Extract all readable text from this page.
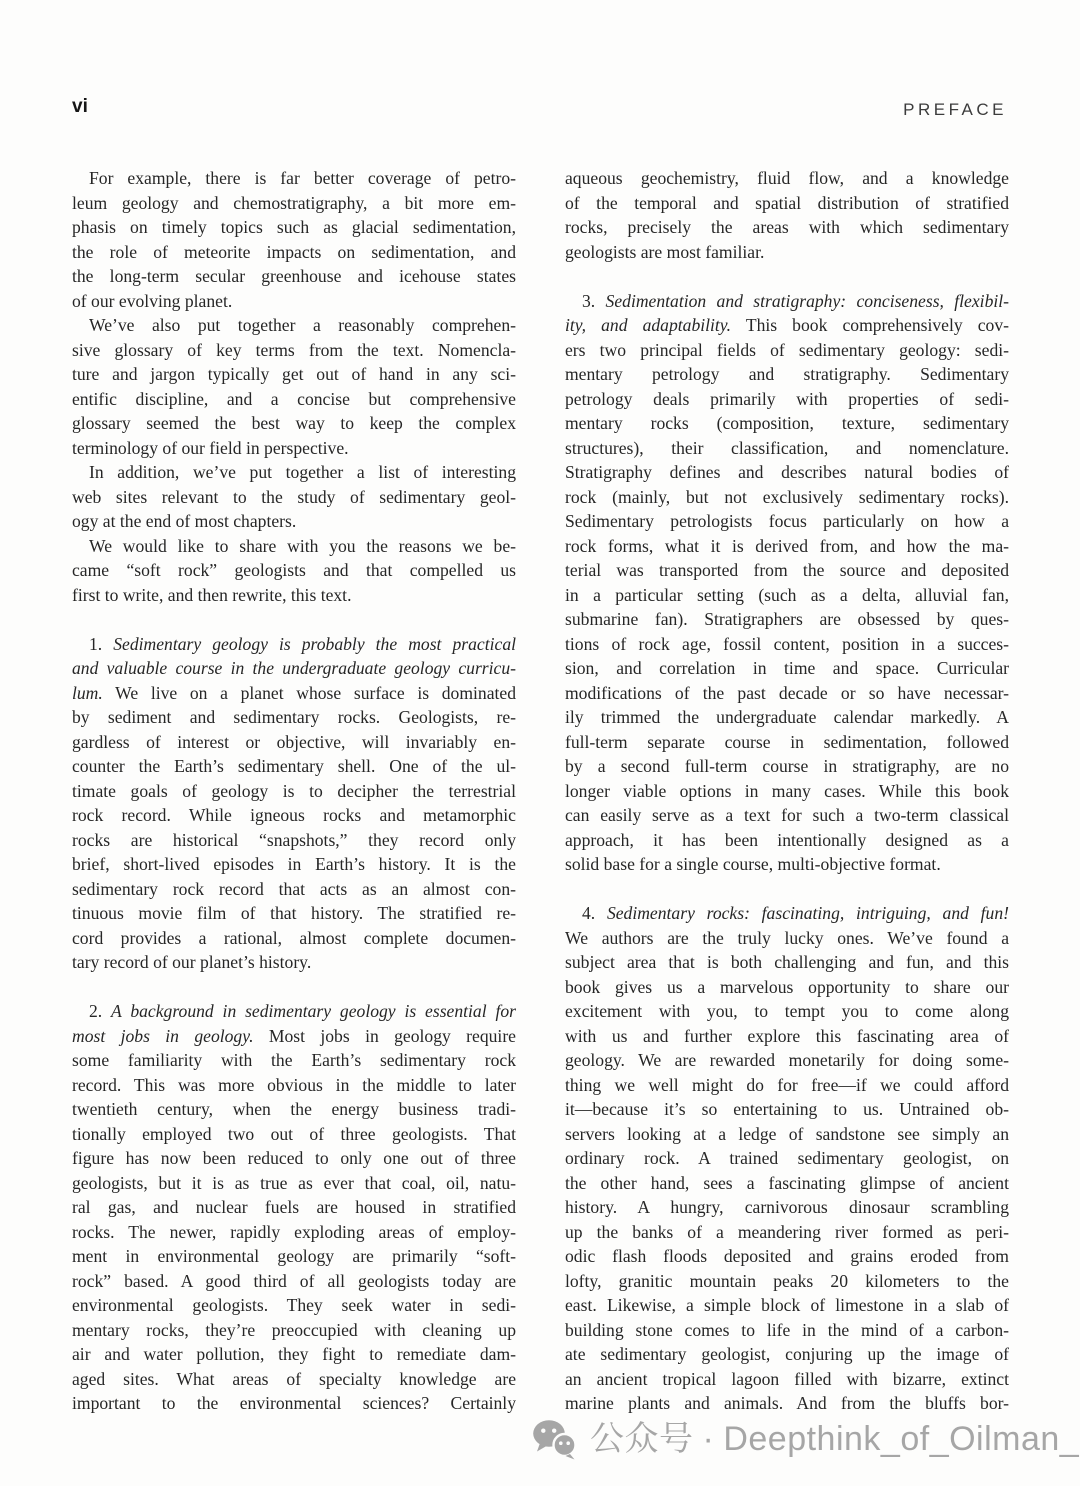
vi	PREFACE
For example, there is far better coverage of petro-
leum geology and chemostratigraphy, a bit more em-
phasis on timely topics such as glacial sedimentation,
the role of meteorite impacts on sedimentation, and
the long-term secular greenhouse and icehouse states
of our evolving planet.
We’ve also put together a reasonably comprehen-
sive glossary of key terms from the text. Nomencla-
ture and jargon typically get out of hand in any sci-
entific discipline, and a concise but comprehensive
glossary seemed the best way to keep the complex
terminology of our field in perspective.
In addition, we’ve put together a list of interesting
web sites relevant to the study of sedimentary geol-
ogy at the end of most chapters.
We would like to share with you the reasons we be-
came “soft rock” geologists and that compelled us
first to write, and then rewrite, this text.
1. Sedimentary geology is probably the most practical
and valuable course in the undergraduate geology curricu-
lum. We live on a planet whose surface is dominated
by sediment and sedimentary rocks. Geologists, re-
gardless of interest or objective, will invariably en-
counter the Earth’s sedimentary shell. One of the ul-
timate goals of geology is to decipher the terrestrial
rock record. While igneous rocks and metamorphic
rocks are historical “snapshots,” they record only
brief, short-lived episodes in Earth’s history. It is the
sedimentary rock record that acts as an almost con-
tinuous movie film of that history. The stratified re-
cord provides a rational, almost complete documen-
tary record of our planet’s history.
2. A background in sedimentary geology is essential for
most jobs in geology. Most jobs in geology require
some familiarity with the Earth’s sedimentary rock
record. This was more obvious in the middle to later
twentieth century, when the energy business tradi-
tionally employed two out of three geologists. That
figure has now been reduced to only one out of three
geologists, but it is as true as ever that coal, oil, natu-
ral gas, and nuclear fuels are housed in stratified
rocks. The newer, rapidly exploding areas of employ-
ment in environmental geology are primarily “soft-
rock” based. A good third of all geologists today are
environmental geologists. They seek water in sedi-
mentary rocks, they’re preoccupied with cleaning up
air and water pollution, they fight to remediate dam-
aged sites. What areas of specialty knowledge are
important to the environmental sciences? Certainly
aqueous geochemistry, fluid flow, and a knowledge
of the temporal and spatial distribution of stratified
rocks, precisely the areas with which sedimentary
geologists are most familiar.
3. Sedimentation and stratigraphy: conciseness, flexibil-
ity, and adaptability. This book comprehensively cov-
ers two principal fields of sedimentary geology: sedi-
mentary petrology and stratigraphy. Sedimentary
petrology deals primarily with properties of sedi-
mentary rocks (composition, texture, sedimentary
structures), their classification, and nomenclature.
Stratigraphy defines and describes natural bodies of
rock (mainly, but not exclusively sedimentary rocks).
Sedimentary petrologists focus particularly on how a
rock forms, what it is derived from, and how the ma-
terial was transported from the source and deposited
in a particular setting (such as a delta, alluvial fan,
submarine fan). Stratigraphers are obsessed by ques-
tions of rock age, fossil content, position in a succes-
sion, and correlation in time and space. Curricular
modifications of the past decade or so have necessar-
ily trimmed the undergraduate calendar markedly. A
full-term separate course in sedimentation, followed
by a second full-term course in stratigraphy, are no
longer viable options in many cases. While this book
can easily serve as a text for such a two-term classical
approach, it has been intentionally designed as a
solid base for a single course, multi-objective format.
4. Sedimentary rocks: fascinating, intriguing, and fun!
We authors are the truly lucky ones. We’ve found a
subject area that is both challenging and fun, and this
book gives us a marvelous opportunity to share our
excitement with you, to tempt you to come along
with us and further explore this fascinating area of
geology. We are rewarded monetarily for doing some-
thing we well might do for free—if we could afford
it—because it’s so entertaining to us. Untrained ob-
servers looking at a ledge of sandstone see simply an
ordinary rock. A trained sedimentary geologist, on
the other hand, sees a fascinating glimpse of ancient
history. A hungry, carnivorous dinosaur scrambling
up the banks of a meandering river formed as peri-
odic flash floods deposited and grains eroded from
lofty, granitic mountain peaks 20 kilometers to the
east. Likewise, a simple block of limestone in a slab of
building stone comes to life in the mind of a carbon-
ate sedimentary geologist, conjuring up the image of
an ancient tropical lagoon filled with bizarre, extinct
marine plants and animals. And from the bluffs bor-
公众号 · Deepthink_of_Oilman_
